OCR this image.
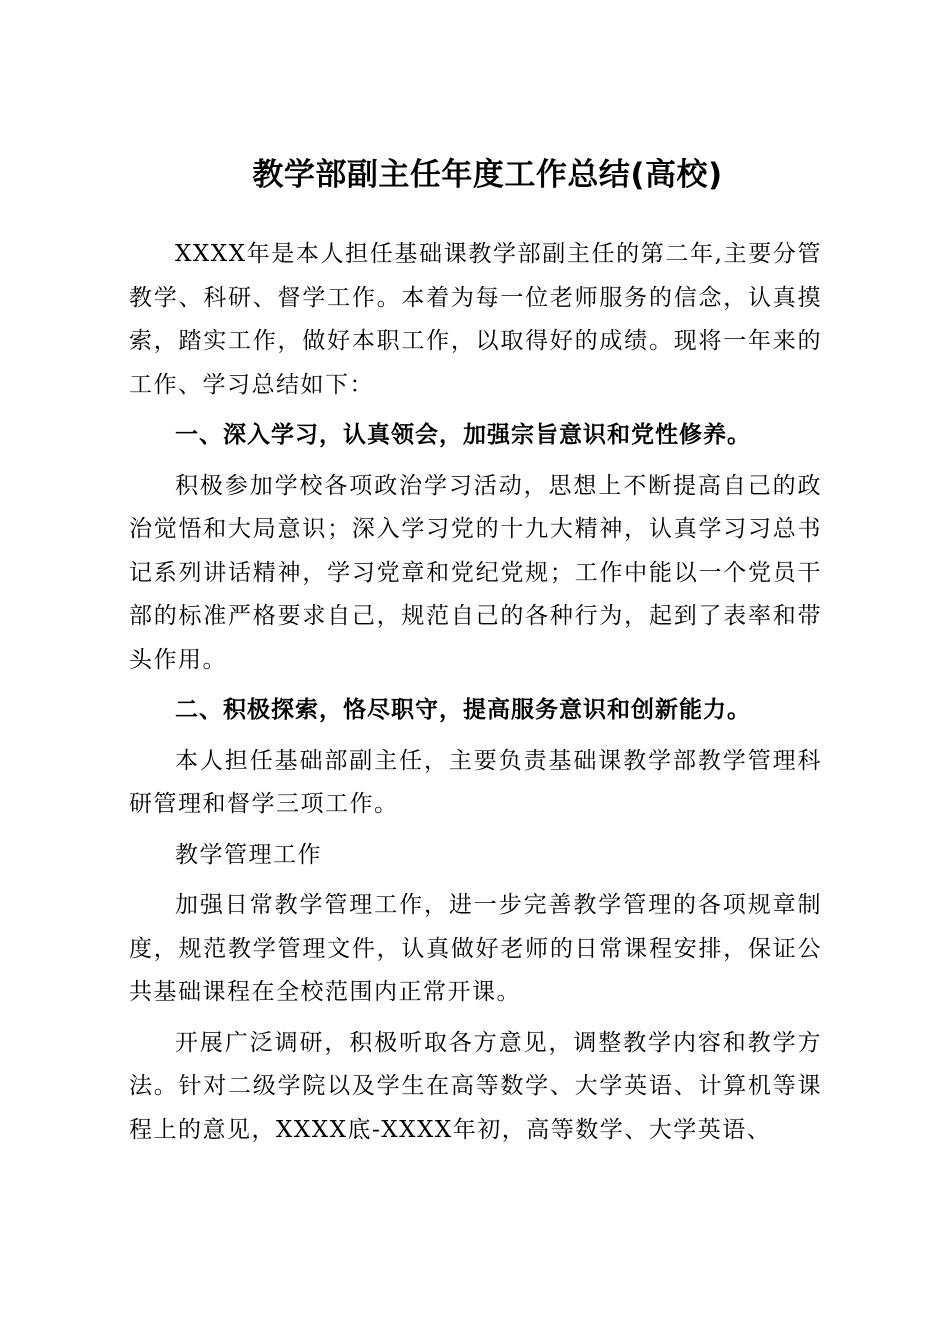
教学部副主任年度工作总结(高校)

XXXX年是本人担任基础课教学部副主任的第二年,主要分管教学、科研、督学工作。本着为每一位老师服务的信念，认真摸索，踏实工作，做好本职工作，以取得好的成绩。现将一年来的工作、学习总结如下：

一、深入学习，认真领会，加强宗旨意识和党性修养。

积极参加学校各项政治学习活动，思想上不断提高自己的政治觉悟和大局意识；深入学习党的十九大精神，认真学习习总书记系列讲话精神，学习党章和党纪党规；工作中能以一个党员干部的标准严格要求自己，规范自己的各种行为，起到了表率和带头作用。

二、积极探索，恪尽职守，提高服务意识和创新能力。

本人担任基础部副主任，主要负责基础课教学部教学管理科研管理和督学三项工作。

教学管理工作

加强日常教学管理工作，进一步完善教学管理的各项规章制度，规范教学管理文件，认真做好老师的日常课程安排，保证公共基础课程在全校范围内正常开课。

开展广泛调研，积极听取各方意见，调整教学内容和教学方法。针对二级学院以及学生在高等数学、大学英语、计算机等课程上的意见，XXXX底-XXXX年初，高等数学、大学英语、
